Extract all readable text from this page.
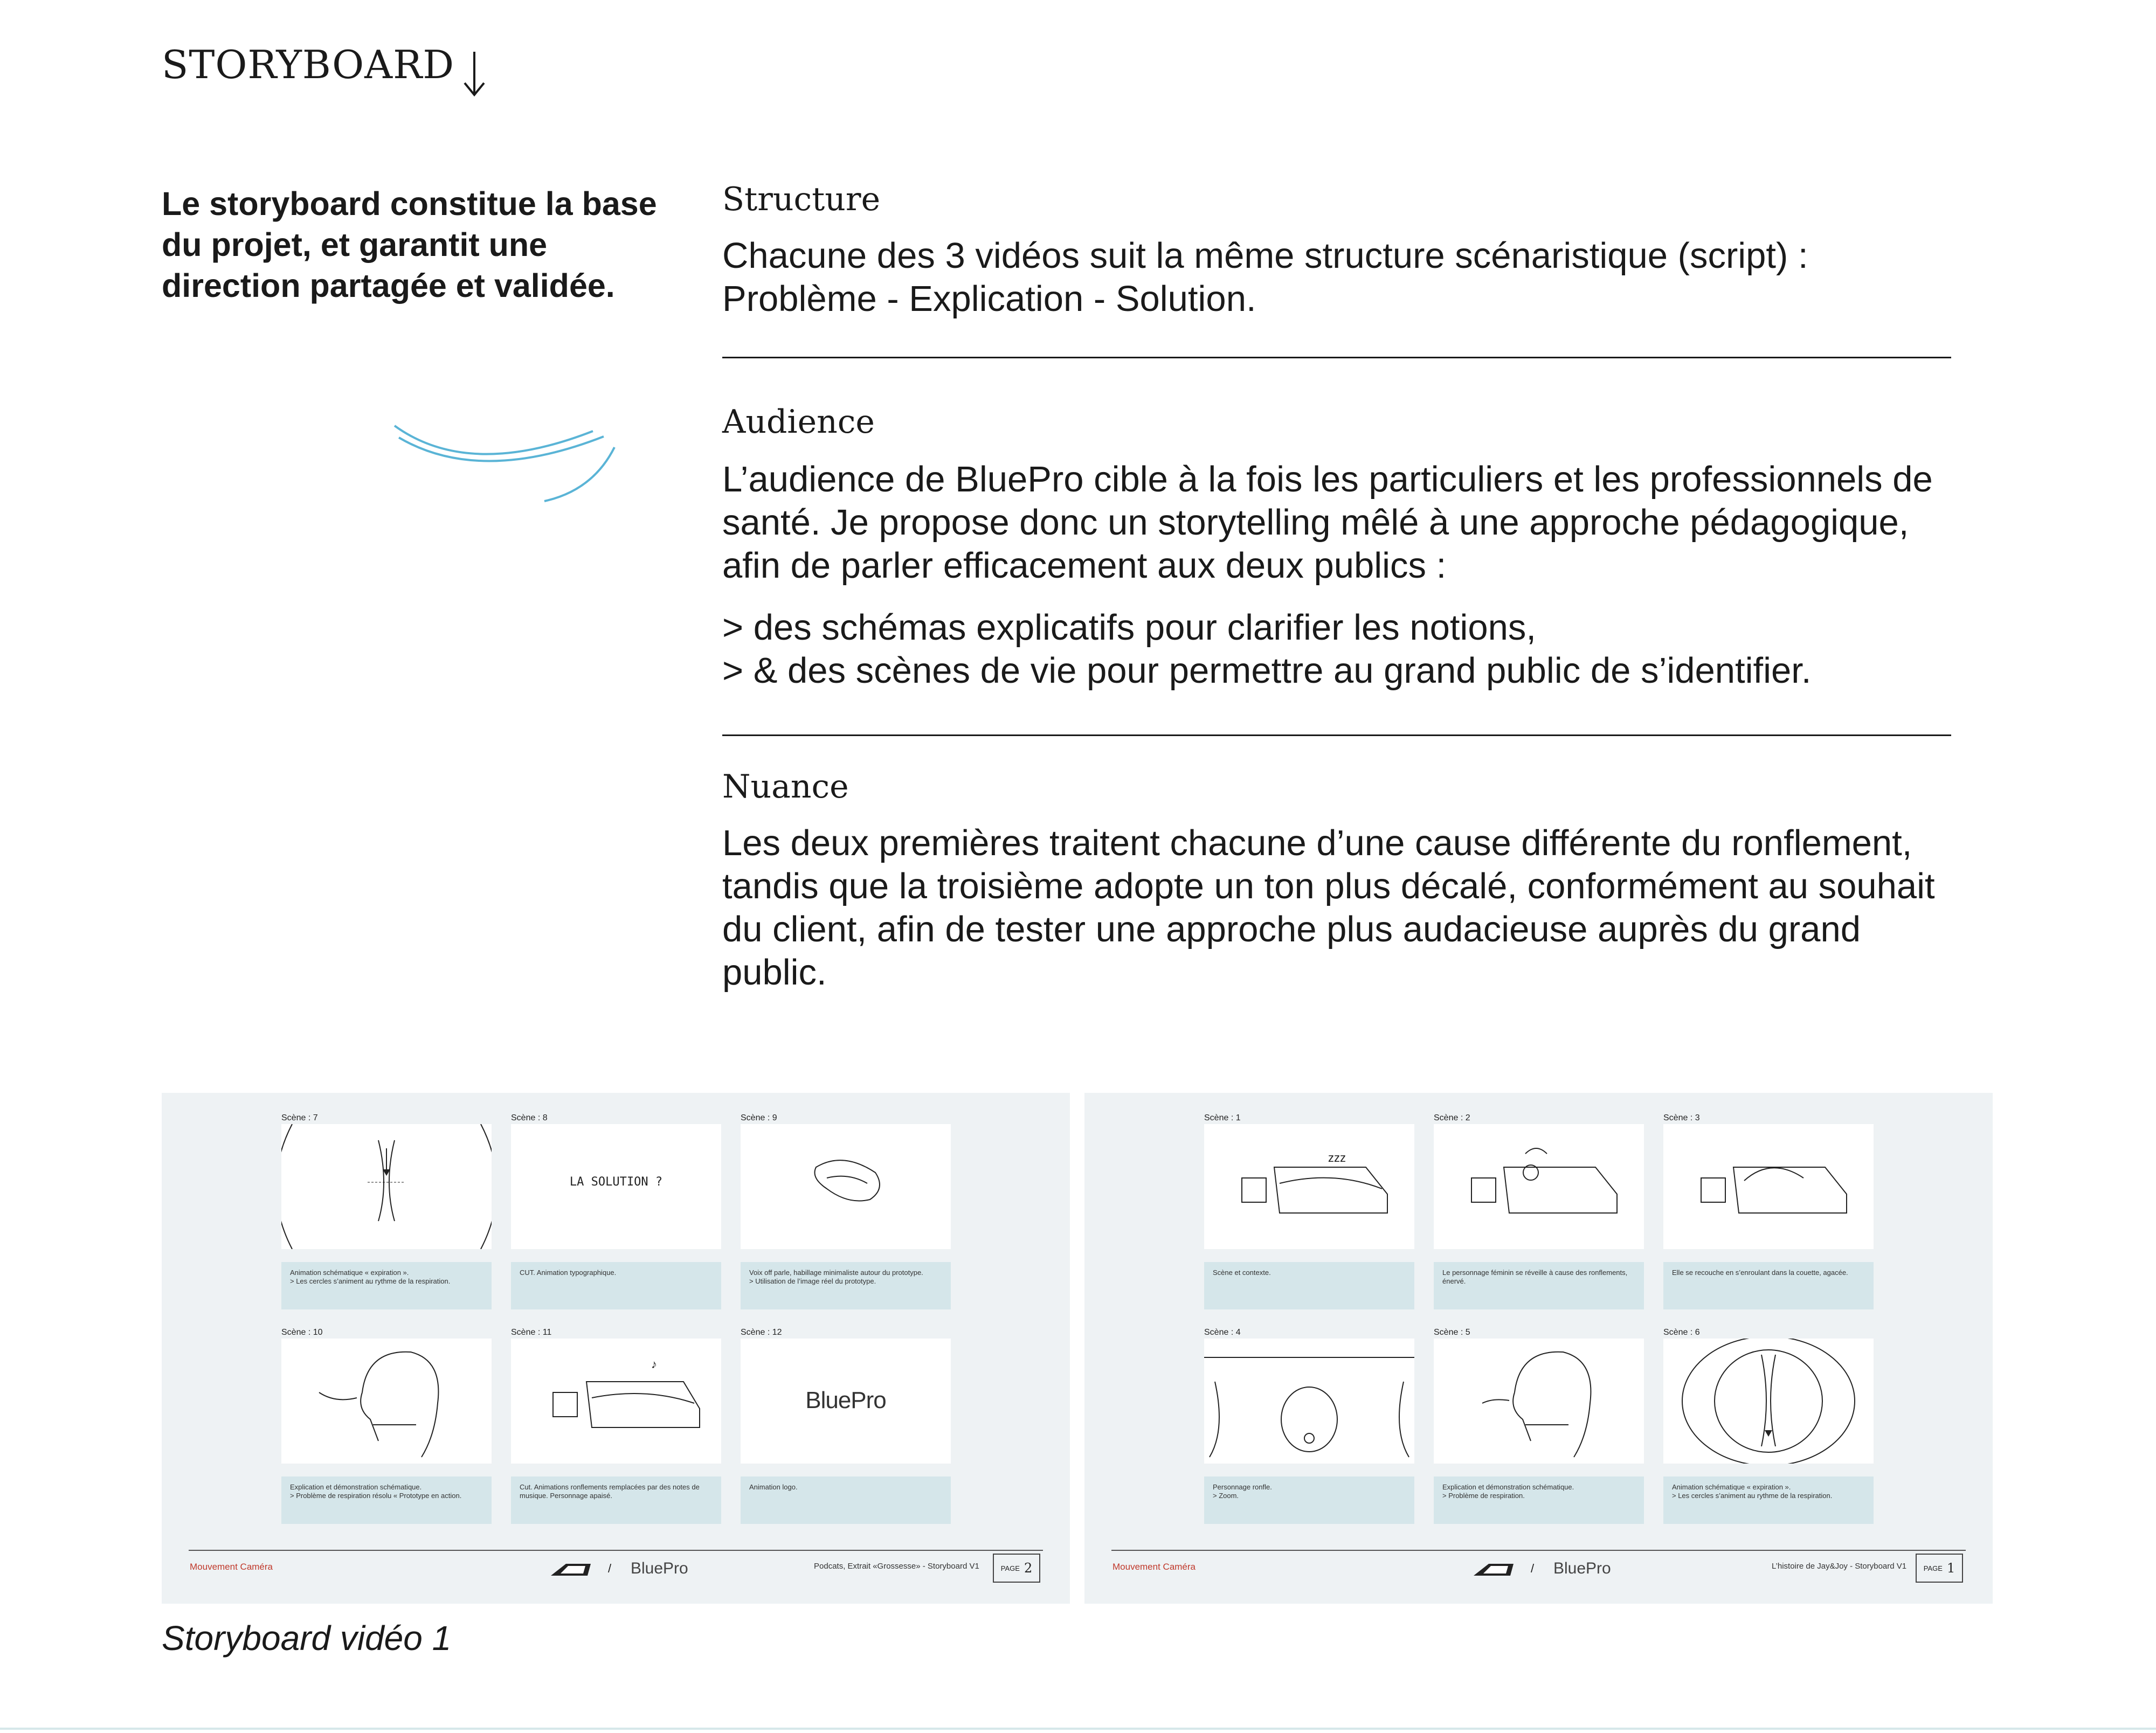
STORYBOARD
Le storyboard constitue la base du projet, et garantit une direction partagée et validée.
Structure

Chacune des 3 vidéos suit la même structure scénaristique (script) : Problème - Explication - Solution.

Audience

L’audience de BluePro cible à la fois les particuliers et les professionnels de santé. Je propose donc un storytelling mêlé à une approche pédagogique, afin de parler efficacement aux deux publics :

> des schémas explicatifs pour clarifier les notions,
> & des scènes de vie pour permettre au grand public de s’identifier.
Nuance

Les deux premières traitent chacune d’une cause différente du ronflement, tandis que la troisième adopte un ton plus décalé, conformément au souhait du client, afin de tester une approche plus audacieuse auprès du grand public.

Scène : 7
Animation schématique « expiration ».
> Les cercles s’animent au rythme de la respiration.
Scène : 8
LA SOLUTION ?
CUT. Animation typographique.
Scène : 9
Voix off parle, habillage minimaliste autour du prototype.
> Utilisation de l’image réel du prototype.
Scène : 10
Explication et démonstration schématique.
> Problème de respiration résolu « Prototype en action.
Scène : 11
♪
Cut. Animations ronflements remplacées par des notes de musique. Personnage apaisé.
Scène : 12
BluePro
Animation logo.
Mouvement Caméra	/ BluePro	Podcats, Extrait «Grossesse» - Storyboard V1	PAGE 2
Scène : 1
zzz
Scène et contexte.
Scène : 2
Le personnage féminin se réveille à cause des ronflements, énervé.
Scène : 3
Elle se recouche en s’enroulant dans la couette, agacée.
Scène : 4
Personnage ronfle.
> Zoom.
Scène : 5
Explication et démonstration schématique.
> Problème de respiration.
Scène : 6
Animation schématique « expiration ».
> Les cercles s’animent au rythme de la respiration.
Mouvement Caméra	/ BluePro	L’histoire de Jay&Joy - Storyboard V1 PAGE 1
Storyboard vidéo 1
